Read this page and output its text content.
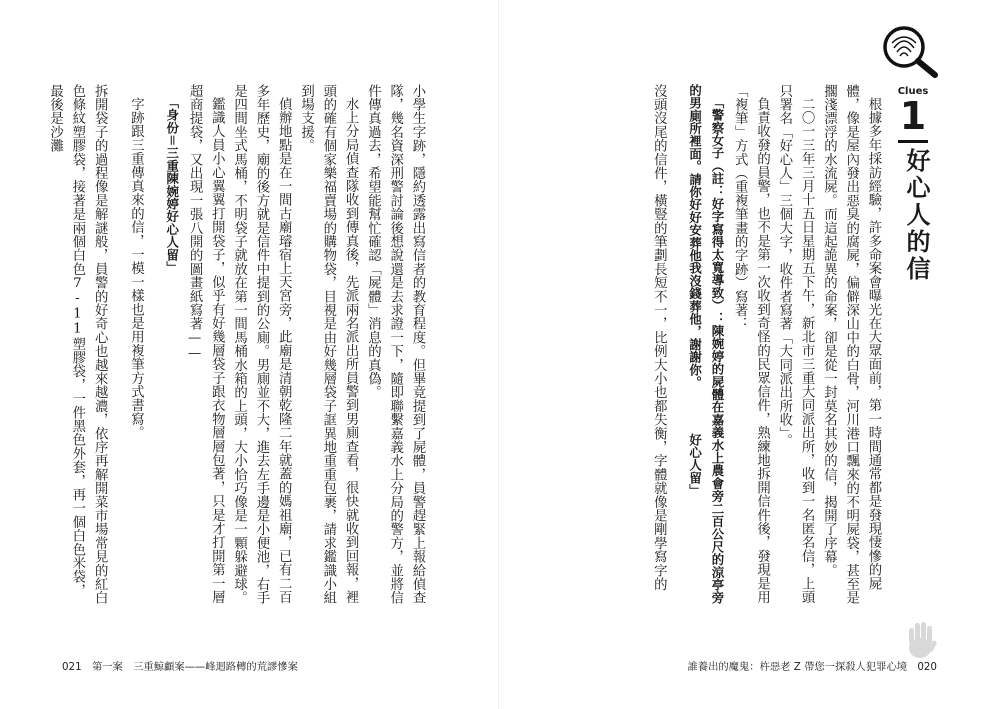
小學生字跡，隱約透露出寫信者的教育程度。但畢竟提到了屍體，員警趕緊上報給偵查隊，幾名資深刑警討論後想說還是去求證一下，隨即聯繫嘉義水上分局的警方，並將信件傳真過去，希望能幫忙確認「屍體」消息的真偽。

水上分局偵查隊收到傳真後，先派兩名派出所員警到男廁查看，很快就收到回報，裡頭的確有個家樂福賣場的購物袋，目視是由好幾層袋子誆異地重重包裹，請求鑑識小組到場支援。

偵辦地點是在一間古廟璿宿上天宮旁，此廟是清朝乾隆二年就蓋的媽祖廟，已有二百多年歷史，廟的後方就是信件中提到的公廁。男廁並不大，進去左手邊是小便池，右手是四間坐式馬桶，不明袋子就放在第一間馬桶水箱的上頭，大小恰巧像是一顆躲避球。

鑑識人員小心翼翼打開袋子，似乎有好幾層袋子跟衣物層層包著，只是才打開第一層超商提袋，又出現一張八開的圖畫紙寫著——

「身份＝三重陳婉婷好心人留」

字跡跟三重傳真來的信，一模一樣也是用複筆方式書寫。

拆開袋子的過程像是解謎般，員警的好奇心也越來越濃，依序再解開菜市場常見的紅白色條紋塑膠袋，接著是兩個白色7-11塑膠袋，一件黑色外套，再一個白色米袋，最後是沙灘

021　第一案　三重鯨顱案——峰迴路轉的荒謬慘案

根據多年採訪經驗，許多命案會曝光在大眾面前，第一時間通常都是發現悽慘的屍體，像是屋內發出惡臭的腐屍，偏僻深山中的白骨，河川港口飄來的不明屍袋，甚至是擱淺漂浮的水流屍。而這起詭異的命案，卻是從一封莫名其妙的信，揭開了序幕。

二〇一三年三月十五日星期五下午，新北市三重大同派出所，收到一名匿名信，上頭只署名「好心人」三個大字，收件者寫著「大同派出所收」。

負責收發的員警，也不是第一次收到奇怪的民眾信件，熟練地拆開信件後，發現是用「複筆」方式（重複筆畫的字跡）寫著：

「警察女子（註：好字寫得太寬導致）：陳婉婷的屍體在嘉義水上農會旁二百公尺的涼亭旁的男廁所裡面。請你好好安葬他我沒錢葬他，謝謝你。　　　　好心人留」

沒頭沒尾的信件，橫豎的筆劃長短不一，比例大小也都失衡，字體就像是剛學寫字的	Clues
1
好心人的信
誰養出的魔鬼：杵惡老 Z 帶您一探殺人犯罪心境　020
